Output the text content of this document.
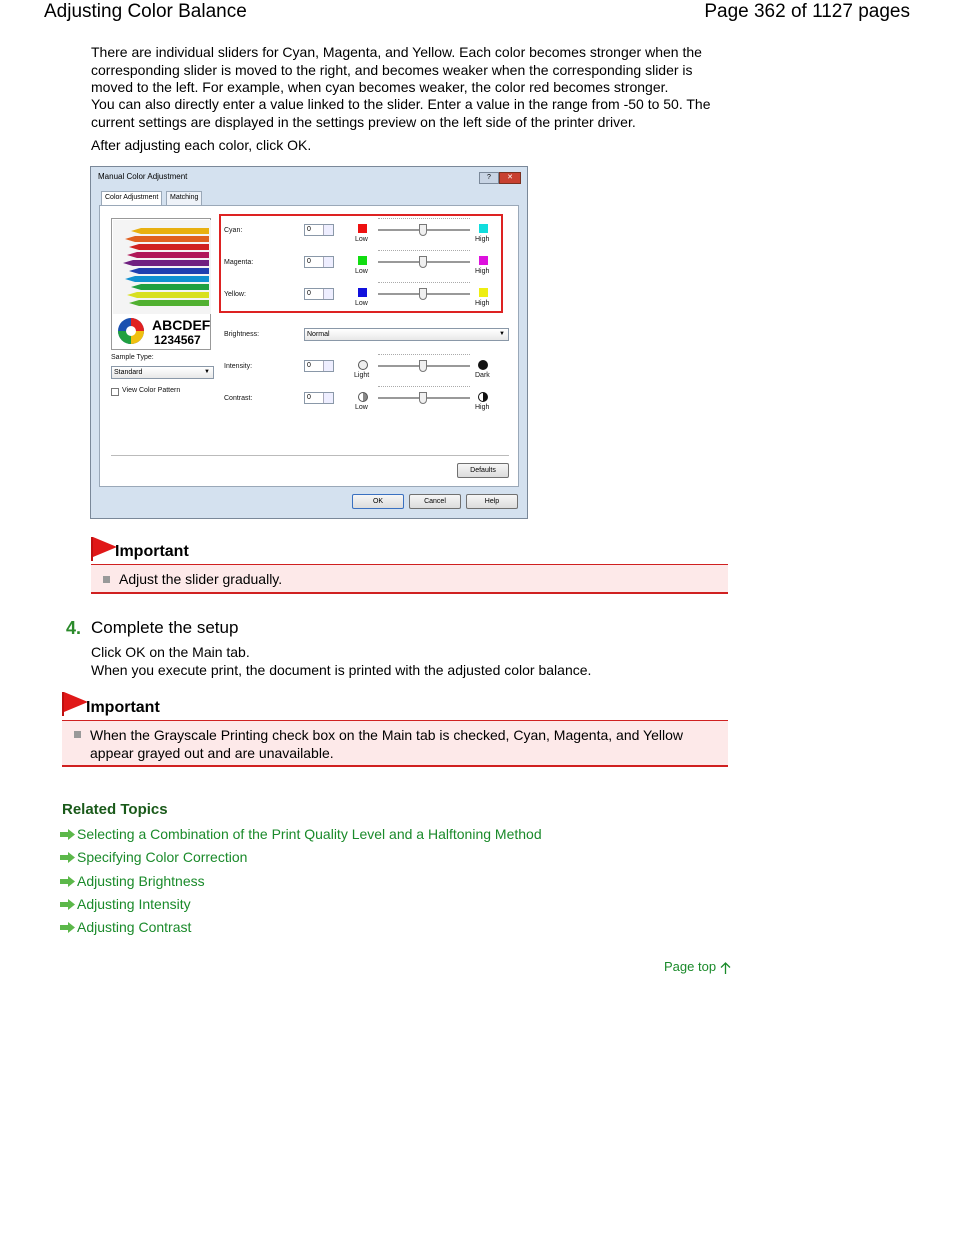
Adjusting Color Balance	Page 362 of 1127 pages
There are individual sliders for Cyan, Magenta, and Yellow. Each color becomes stronger when the corresponding slider is moved to the right, and becomes weaker when the corresponding slider is moved to the left. For example, when cyan becomes weaker, the color red becomes stronger.
You can also directly enter a value linked to the slider. Enter a value in the range from -50 to 50. The current settings are displayed in the settings preview on the left side of the printer driver.
After adjusting each color, click OK.
Manual Color Adjustment	?	✕
Color Adjustment	Matching
ABCDEF
1234567
Sample Type:
Standard ▼
View Color Pattern
Cyan:	0
Low	High
Magenta:	0
Low	High
Yellow:	0
Low	High
Brightness:	Normal ▼
Intensity:	0
Light	Dark
Contrast:	0
Low	High
Defaults
OK	Cancel	Help
Important
Adjust the slider gradually.
4. Complete the setup
Click OK on the Main tab.
When you execute print, the document is printed with the adjusted color balance.
Important
When the Grayscale Printing check box on the Main tab is checked, Cyan, Magenta, and Yellow appear grayed out and are unavailable.
Related Topics
Selecting a Combination of the Print Quality Level and a Halftoning Method
Specifying Color Correction
Adjusting Brightness
Adjusting Intensity
Adjusting Contrast
Page top
